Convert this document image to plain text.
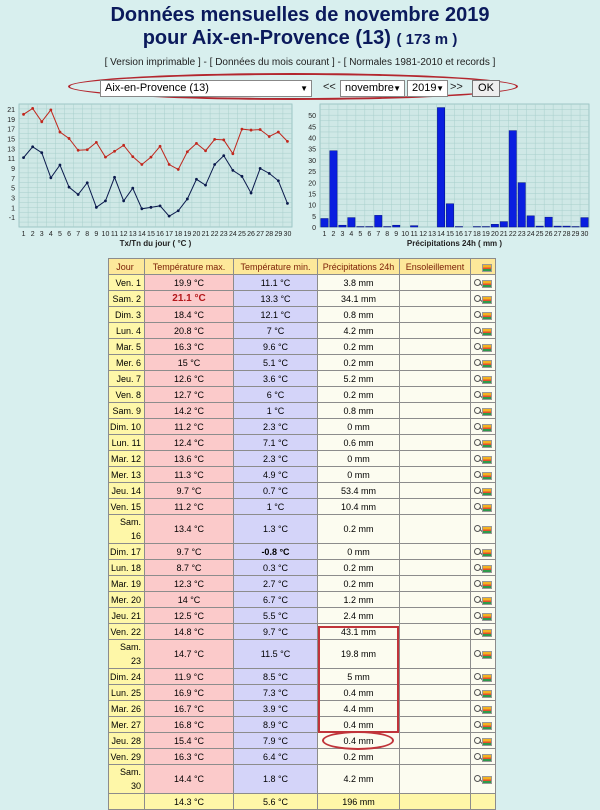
Données mensuelles de novembre 2019
pour Aix-en-Provence (13) ( 173 m )
[ Version imprimable ] - [ Données du mois courant ] - [ Normales 1981-2010 et records ]
Aix-en-Provence (13)	▼ << novembre ▼	2019 ▼ >>	OK
-1
1
3
5
7
9
11
13
15
17
19
21
1 2 3 4 5 6 7 8 9 10 11 12 13 14 15 16 17 18 19 20 21 22 23 24 25 26 27 28 29 30
Tx/Tn du jour ( °C )
0
5
10
15
20
25
30
35
40
45
50
1 2 3 4 5 6 7 8 9 10 11 12 13 14 15 16 17 18 19 20 21 22 23 24 25 26 27 28 29 30
Précipitations 24h ( mm )
Jour	Température max.	Température min.	Précipitations 24h	Ensoleillement	

Ven. 1	19.9 °C	11.1 °C	3.8 mm		

Sam. 2	21.1 °C	13.3 °C	34.1 mm		

Dim. 3	18.4 °C	12.1 °C	0.8 mm		

Lun. 4	20.8 °C	7 °C	4.2 mm		

Mar. 5	16.3 °C	9.6 °C	0.2 mm		

Mer. 6	15 °C	5.1 °C	0.2 mm		

Jeu. 7	12.6 °C	3.6 °C	5.2 mm		

Ven. 8	12.7 °C	6 °C	0.2 mm		

Sam. 9	14.2 °C	1 °C	0.8 mm		

Dim. 10	11.2 °C	2.3 °C	0 mm		

Lun. 11	12.4 °C	7.1 °C	0.6 mm		

Mar. 12	13.6 °C	2.3 °C	0 mm		

Mer. 13	11.3 °C	4.9 °C	0 mm		

Jeu. 14	9.7 °C	0.7 °C	53.4 mm		

Ven. 15	11.2 °C	1 °C	10.4 mm		

Sam. 16	13.4 °C	1.3 °C	0.2 mm		

Dim. 17	9.7 °C	-0.8 °C	0 mm		

Lun. 18	8.7 °C	0.3 °C	0.2 mm		

Mar. 19	12.3 °C	2.7 °C	0.2 mm		

Mer. 20	14 °C	6.7 °C	1.2 mm		

Jeu. 21	12.5 °C	5.5 °C	2.4 mm		

Ven. 22	14.8 °C	9.7 °C	43.1 mm		

Sam. 23	14.7 °C	11.5 °C	19.8 mm		

Dim. 24	11.9 °C	8.5 °C	5 mm		

Lun. 25	16.9 °C	7.3 °C	0.4 mm		

Mar. 26	16.7 °C	3.9 °C	4.4 mm		

Mer. 27	16.8 °C	8.9 °C	0.4 mm		

Jeu. 28	15.4 °C	7.9 °C	0.4 mm		

Ven. 29	16.3 °C	6.4 °C	0.2 mm		

Sam. 30	14.4 °C	1.8 °C	4.2 mm		

	14.3 °C	5.6 °C	196 mm		
